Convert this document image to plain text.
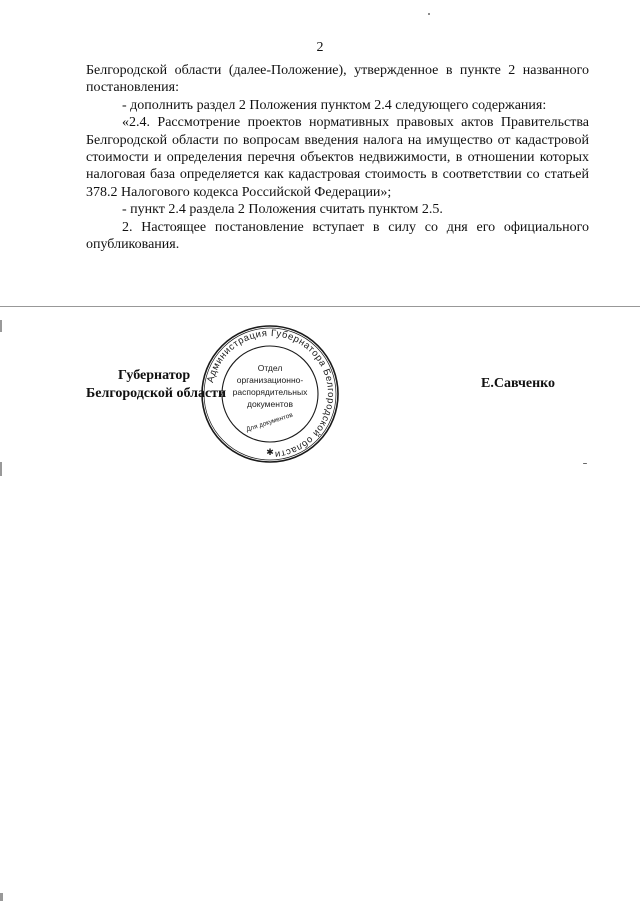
2

Белгородской области (далее-Положение), утвержденное в пункте 2 названного постановления:

- дополнить раздел 2 Положения пунктом 2.4 следующего содержания:

«2.4. Рассмотрение проектов нормативных правовых актов Правительства Белгородской области по вопросам введения налога на имущество от кадастровой стоимости и определения перечня объектов недвижимости, в отношении которых налоговая база определяется как кадастровая стоимость в соответствии со статьей 378.2 Налогового кодекса Российской Федерации»;

- пункт 2.4 раздела 2 Положения считать пунктом 2.5.

2. Настоящее постановление вступает в силу со дня его официального опубликования.

Администрация Губернатора Белгородской области
Отдел
организационно-
распорядительных
документов
Для документов
✱
Губернатор
Белгородской области
Е.Савченко
